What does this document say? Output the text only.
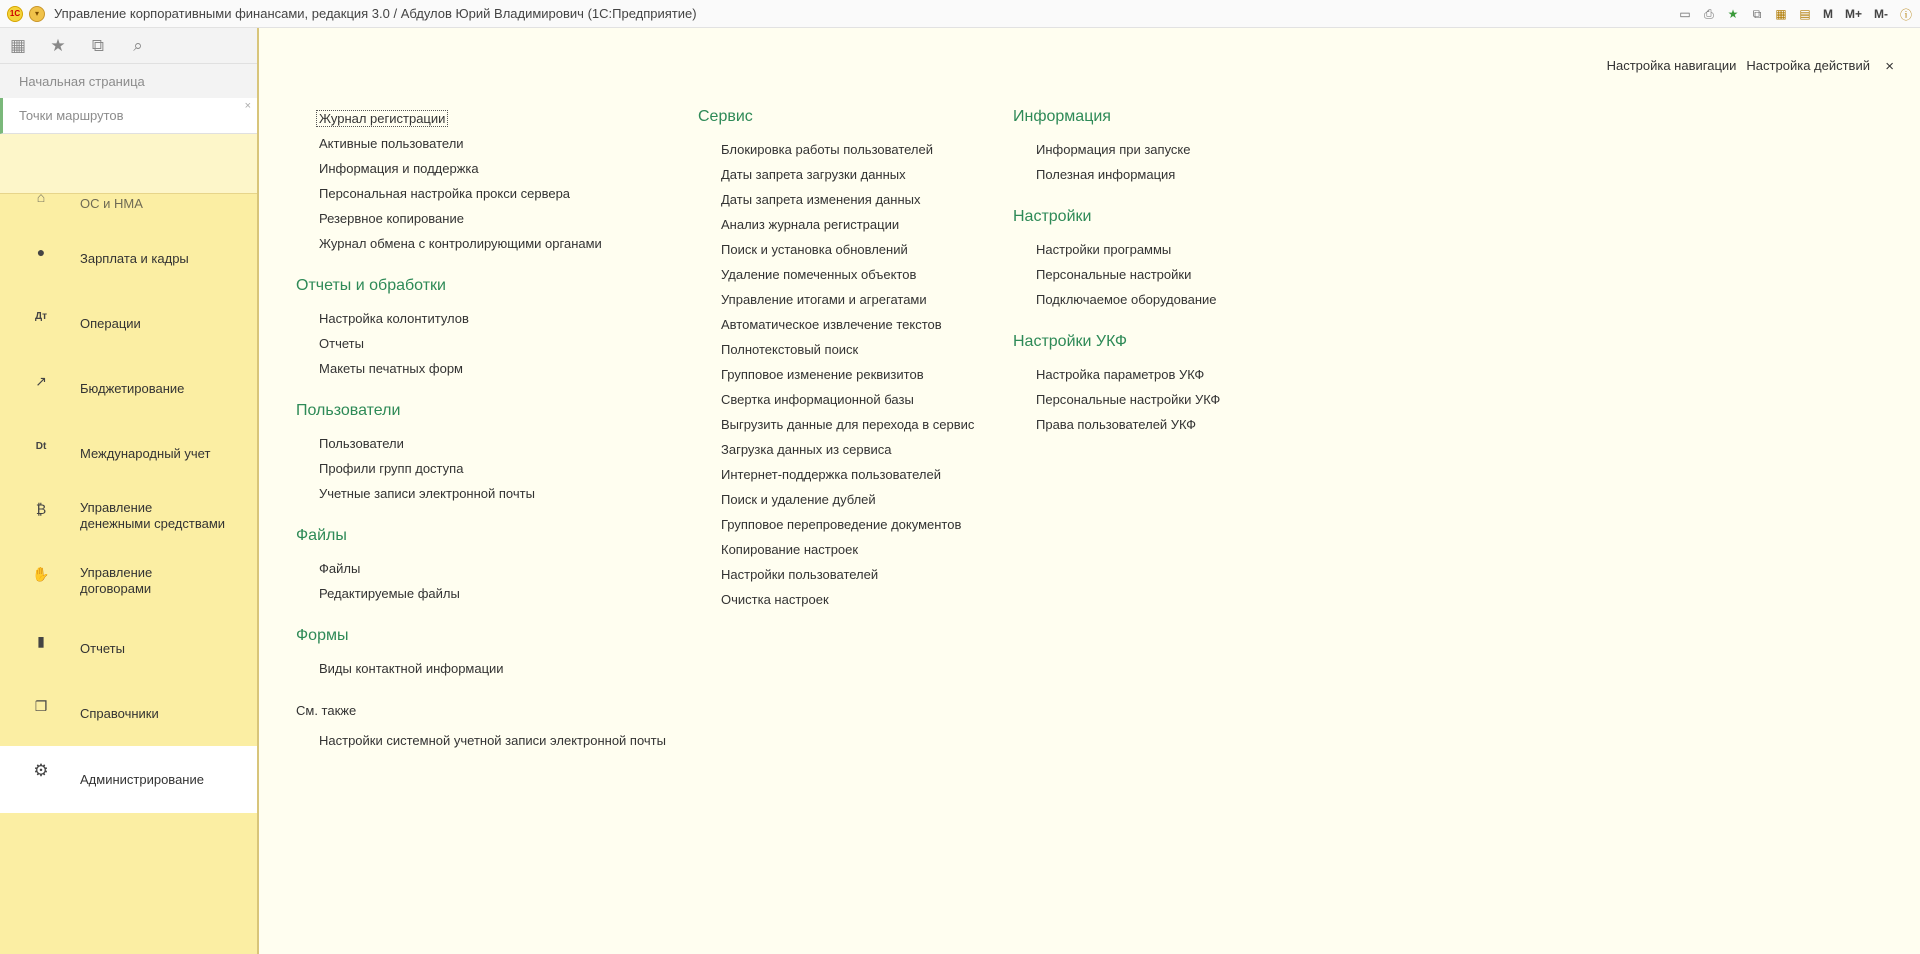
1С	▾	Управление корпоративными финансами, редакция 3.0 / Абдулов Юрий Владимирович (1С:Предприятие)	▭	⎙	★	⧉	▦	▤	M	M+	M- ⓘ
▦ ★ ⧉	⌕
Начальная страница
Точки маршрутов
×
⌂	ОС и НМА
●	Зарплата и кадры
Дт	Операции
↗	Бюджетирование
Dt	Международный учет
₿	Управление
денежными средствами
✋ Управление
договорами
▮	Отчеты
❐	Справочники
⚙ Администрирование
Настройка навигации Настройка действий ×
Журнал регистрации
Активные пользователи
Информация и поддержка
Персональная настройка прокси сервера
Резервное копирование
Журнал обмена с контролирующими органами
Отчеты и обработки
Настройка колонтитулов
Отчеты
Макеты печатных форм
Пользователи
Пользователи
Профили групп доступа
Учетные записи электронной почты
Файлы
Файлы
Редактируемые файлы
Формы
Виды контактной информации
См. также
Настройки системной учетной записи электронной почты
Сервис
Блокировка работы пользователей
Даты запрета загрузки данных
Даты запрета изменения данных
Анализ журнала регистрации
Поиск и установка обновлений
Удаление помеченных объектов
Управление итогами и агрегатами
Автоматическое извлечение текстов
Полнотекстовый поиск
Групповое изменение реквизитов
Свертка информационной базы
Выгрузить данные для перехода в сервис
Загрузка данных из сервиса
Интернет-поддержка пользователей
Поиск и удаление дублей
Групповое перепроведение документов
Копирование настроек
Настройки пользователей
Очистка настроек
Информация
Информация при запуске
Полезная информация
Настройки
Настройки программы
Персональные настройки
Подключаемое оборудование
Настройки УКФ
Настройка параметров УКФ
Персональные настройки УКФ
Права пользователей УКФ
